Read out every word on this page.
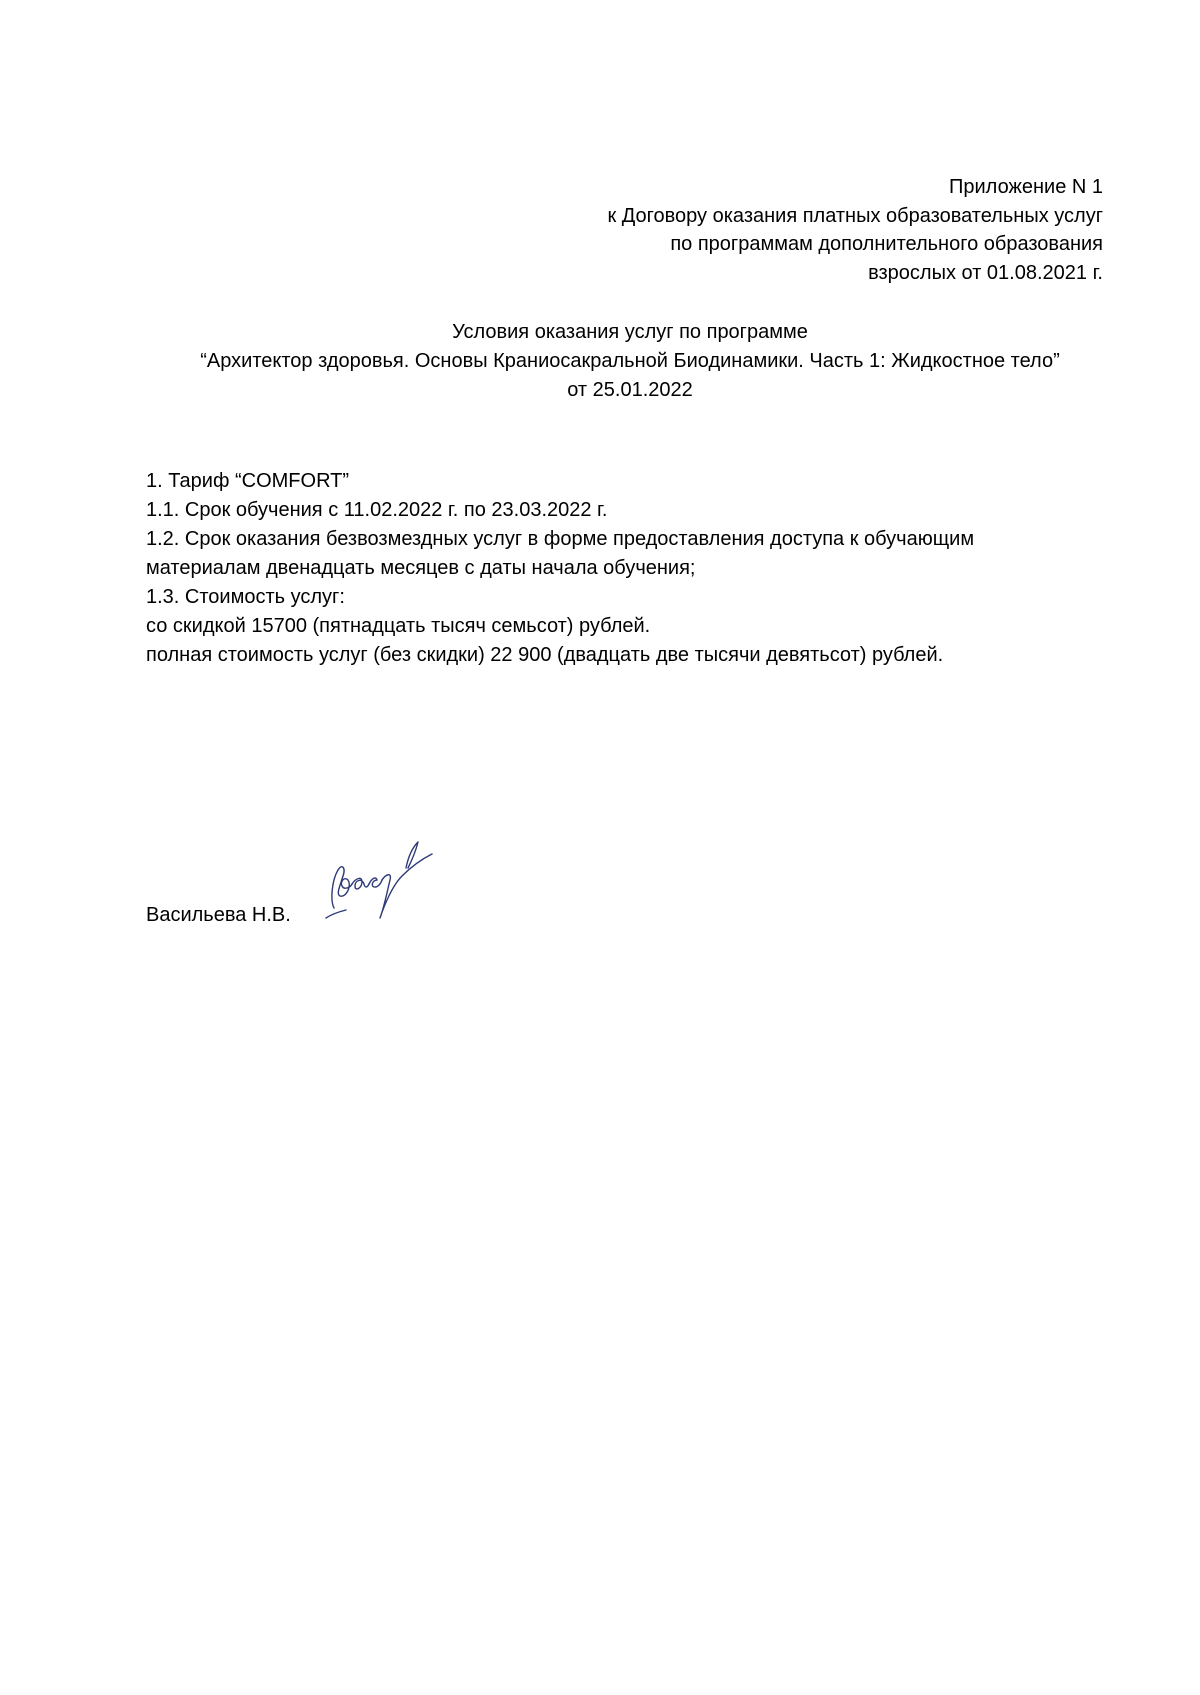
Приложение N 1
к Договору оказания платных образовательных услуг
по программам дополнительного образования
взрослых от 01.08.2021 г.
Условия оказания услуг по программе
“Архитектор здоровья. Основы Краниосакральной Биодинамики. Часть 1: Жидкостное тело”
от 25.01.2022
1. Тариф “COMFORT”
1.1. Срок обучения с 11.02.2022 г. по 23.03.2022 г.
1.2. Срок оказания безвозмездных услуг в форме предоставления доступа к обучающим
материалам двенадцать месяцев с даты начала обучения;
1.3. Стоимость услуг:
со скидкой 15700 (пятнадцать тысяч семьсот) рублей.
полная стоимость услуг (без скидки) 22 900 (двадцать две тысячи девятьсот) рублей.
Васильева Н.В.
